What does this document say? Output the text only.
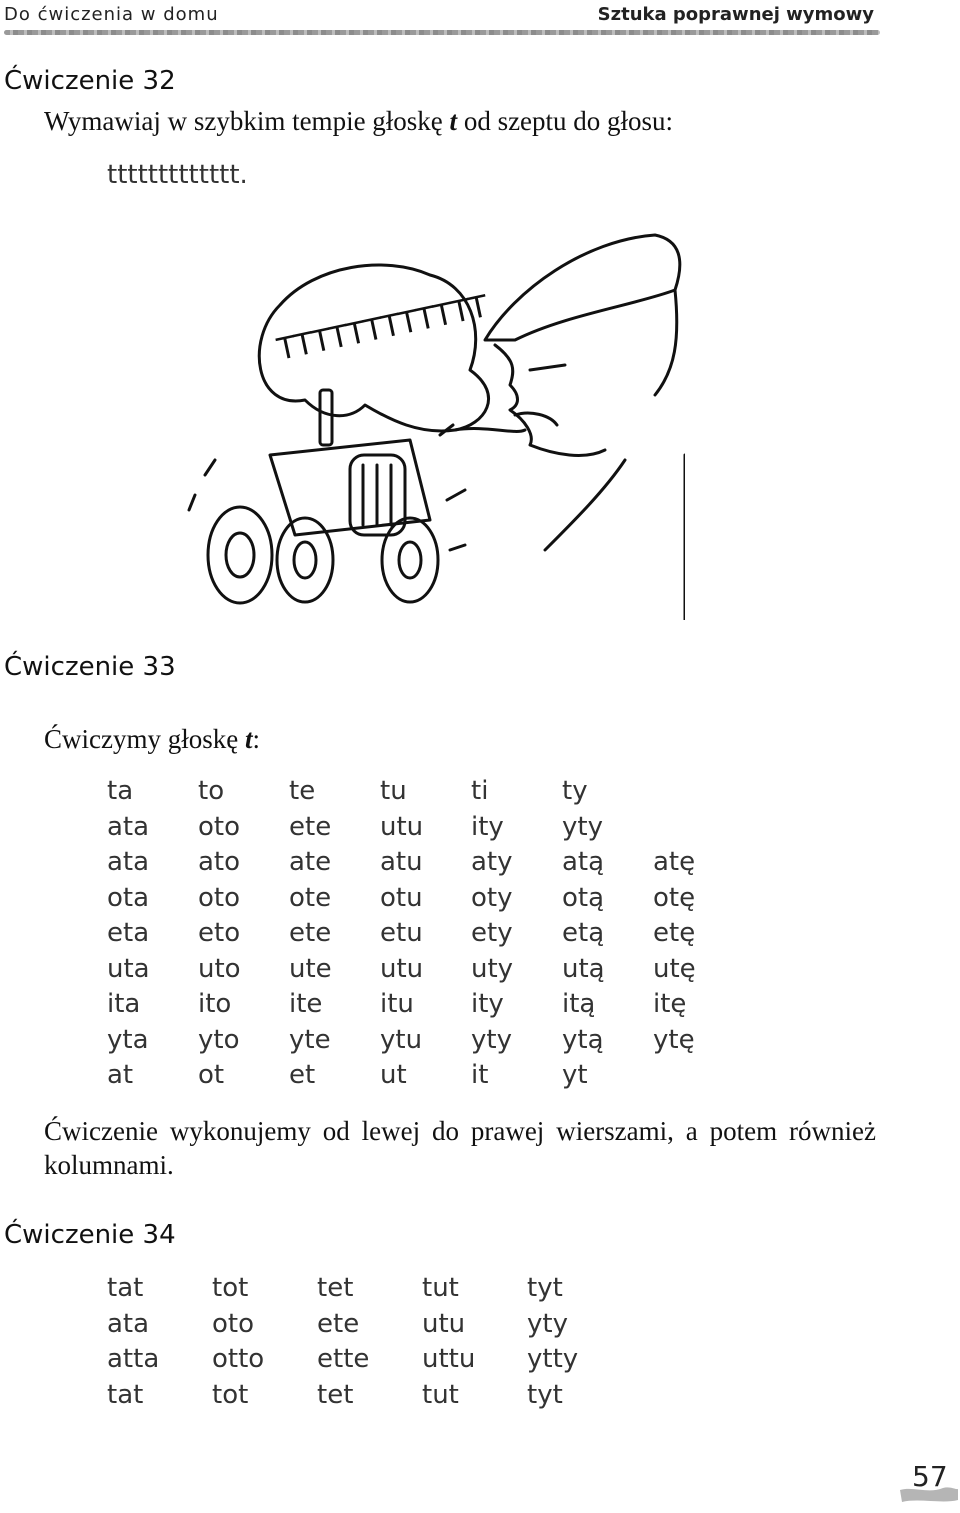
Do ćwiczenia w domu	Sztuka poprawnej wymowy
Ćwiczenie 32
Wymawiaj w szybkim tempie głoskę t od szeptu do głosu:
ttttttttttttt.
TTTTTTTTTTTT
Ćwiczenie 33
Ćwiczymy głoskę t:
ta to te tu ti	ty
ata oto ete utu ity yty
ata ato ate atu aty atą atę
ota oto ote otu oty otą otę
eta eto ete etu ety etą etę
uta uto ute utu uty utą utę
ita ito ite itu ity itą itę
yta yto yte ytu yty ytą ytę
at ot et ut it	yt
Ćwiczenie wykonujemy od lewej do prawej wierszami, a potem również kolumnami.
Ćwiczenie 34
tat	tot	tet	tut	tyt
ata oto ete utu yty
atta otto ette uttu ytty
tat	tot	tet	tut	tyt
57
